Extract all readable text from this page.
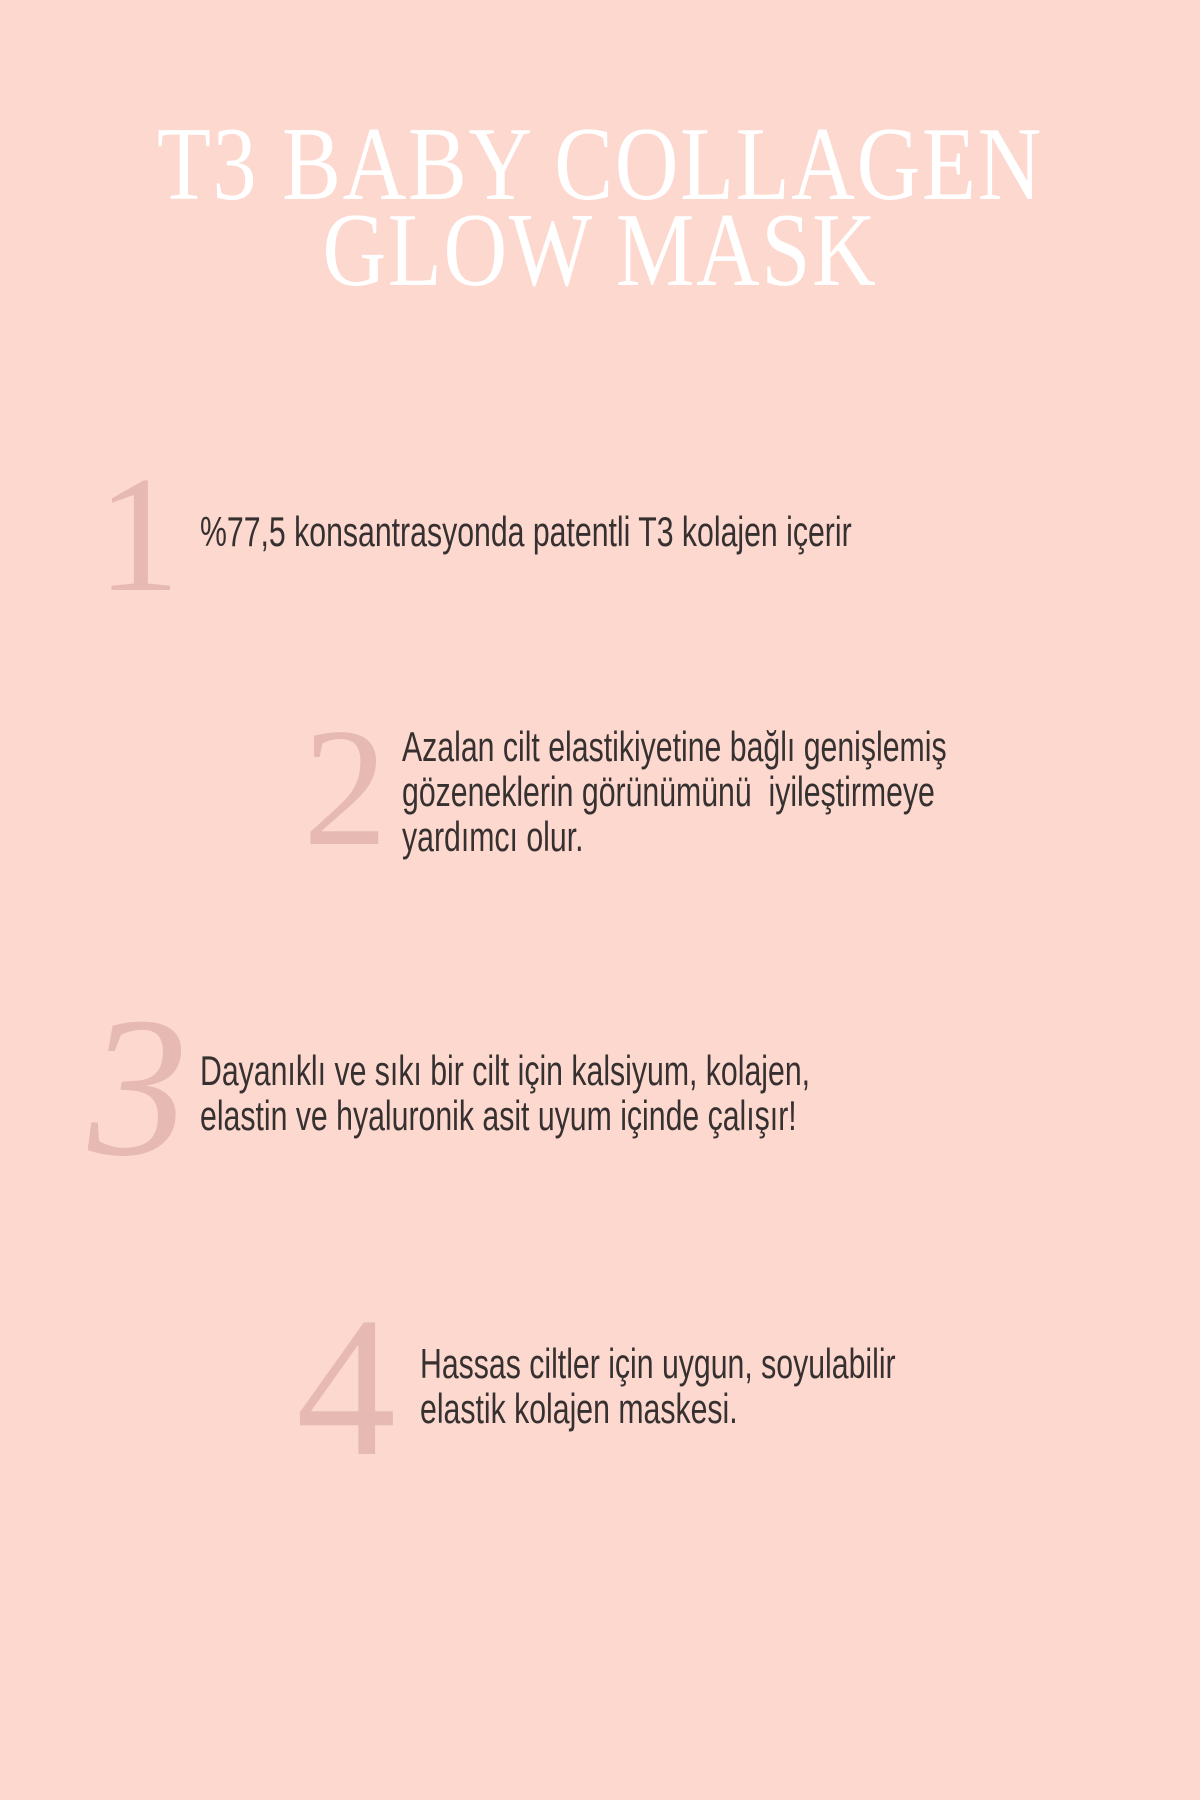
T3 BABY COLLAGEN
GLOW MASK
1 %77,5 konsantrasyonda patentli T3 kolajen içerir
2 Azalan cilt elastikiyetine bağlı genişlemiş
gözeneklerin görünümünü  iyileştirmeye
yardımcı olur.
3 Dayanıklı ve sıkı bir cilt için kalsiyum, kolajen,
elastin ve hyaluronik asit uyum içinde çalışır!
4 Hassas ciltler için uygun, soyulabilir
elastik kolajen maskesi.
